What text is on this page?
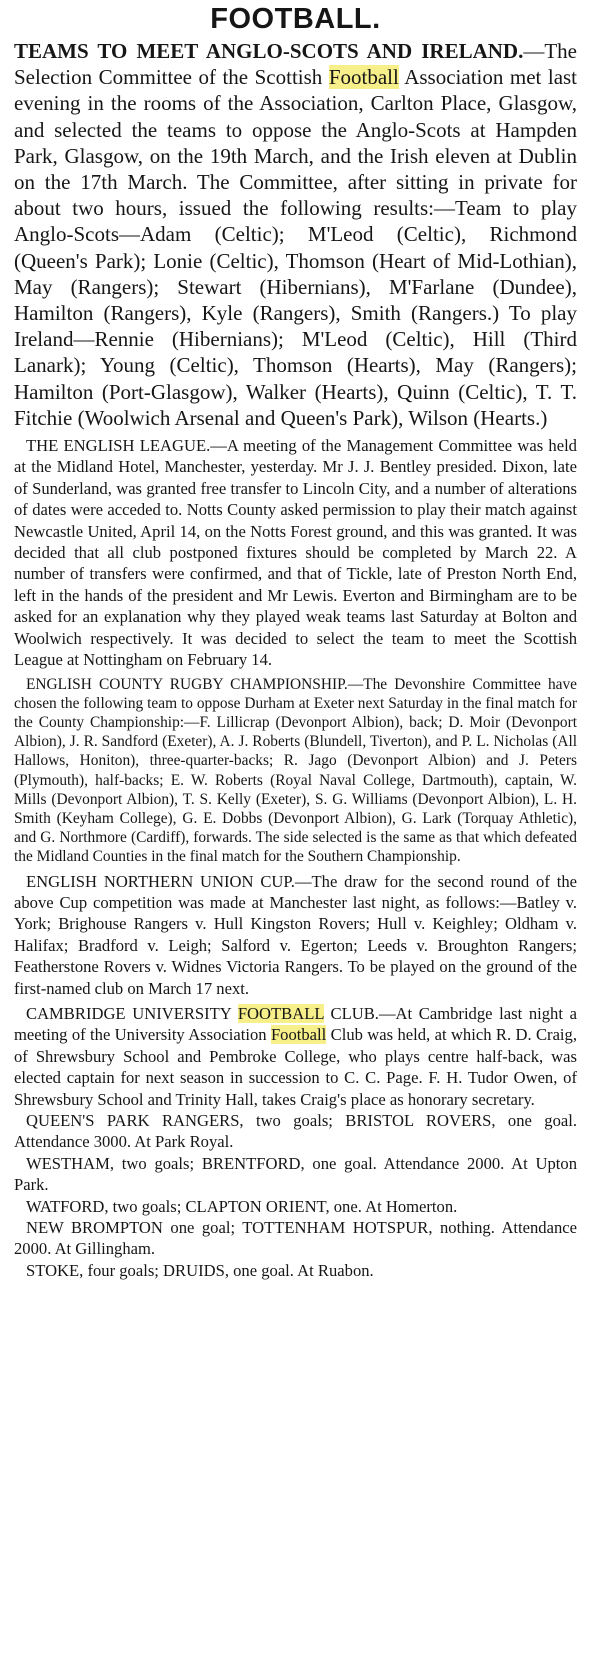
FOOTBALL.

TEAMS TO MEET ANGLO-SCOTS AND IRELAND.—The Selection Committee of the Scottish Football Association met last evening in the rooms of the Association, Carlton Place, Glasgow, and selected the teams to oppose the Anglo-Scots at Hampden Park, Glasgow, on the 19th March, and the Irish eleven at Dublin on the 17th March. The Committee, after sitting in private for about two hours, issued the following results:—Team to play Anglo-Scots—Adam (Celtic); M'Leod (Celtic), Richmond (Queen's Park); Lonie (Celtic), Thomson (Heart of Mid-Lothian), May (Rangers); Stewart (Hibernians), M'Farlane (Dundee), Hamilton (Rangers), Kyle (Rangers), Smith (Rangers.) To play Ireland—Rennie (Hibernians); M'Leod (Celtic), Hill (Third Lanark); Young (Celtic), Thomson (Hearts), May (Rangers); Hamilton (Port-Glasgow), Walker (Hearts), Quinn (Celtic), T. T. Fitchie (Woolwich Arsenal and Queen's Park), Wilson (Hearts.)

THE ENGLISH LEAGUE.—A meeting of the Management Committee was held at the Midland Hotel, Manchester, yesterday. Mr J. J. Bentley presided. Dixon, late of Sunderland, was granted free transfer to Lincoln City, and a number of alterations of dates were acceded to. Notts County asked permission to play their match against Newcastle United, April 14, on the Notts Forest ground, and this was granted. It was decided that all club postponed fixtures should be completed by March 22. A number of transfers were confirmed, and that of Tickle, late of Preston North End, left in the hands of the president and Mr Lewis. Everton and Birmingham are to be asked for an explanation why they played weak teams last Saturday at Bolton and Woolwich respectively. It was decided to select the team to meet the Scottish League at Nottingham on February 14.

ENGLISH COUNTY RUGBY CHAMPIONSHIP.—The Devonshire Committee have chosen the following team to oppose Durham at Exeter next Saturday in the final match for the County Championship:—F. Lillicrap (Devonport Albion), back; D. Moir (Devonport Albion), J. R. Sandford (Exeter), A. J. Roberts (Blundell, Tiverton), and P. L. Nicholas (All Hallows, Honiton), three-quarter-backs; R. Jago (Devonport Albion) and J. Peters (Plymouth), half-backs; E. W. Roberts (Royal Naval College, Dartmouth), captain, W. Mills (Devonport Albion), T. S. Kelly (Exeter), S. G. Williams (Devonport Albion), L. H. Smith (Keyham College), G. E. Dobbs (Devonport Albion), G. Lark (Torquay Athletic), and G. Northmore (Cardiff), forwards. The side selected is the same as that which defeated the Midland Counties in the final match for the Southern Championship.

ENGLISH NORTHERN UNION CUP.—The draw for the second round of the above Cup competition was made at Manchester last night, as follows:—Batley v. York; Brighouse Rangers v. Hull Kingston Rovers; Hull v. Keighley; Oldham v. Halifax; Bradford v. Leigh; Salford v. Egerton; Leeds v. Broughton Rangers; Featherstone Rovers v. Widnes Victoria Rangers. To be played on the ground of the first-named club on March 17 next.

CAMBRIDGE UNIVERSITY FOOTBALL CLUB.—At Cambridge last night a meeting of the University Association Football Club was held, at which R. D. Craig, of Shrewsbury School and Pembroke College, who plays centre half-back, was elected captain for next season in succession to C. C. Page. F. H. Tudor Owen, of Shrewsbury School and Trinity Hall, takes Craig's place as honorary secretary.

QUEEN'S PARK RANGERS, two goals; BRISTOL ROVERS, one goal. Attendance 3000. At Park Royal.

WESTHAM, two goals; BRENTFORD, one goal. Attendance 2000. At Upton Park.

WATFORD, two goals; CLAPTON ORIENT, one. At Homerton.

NEW BROMPTON one goal; TOTTENHAM HOTSPUR, nothing. Attendance 2000. At Gillingham.

STOKE, four goals; DRUIDS, one goal. At Ruabon.
